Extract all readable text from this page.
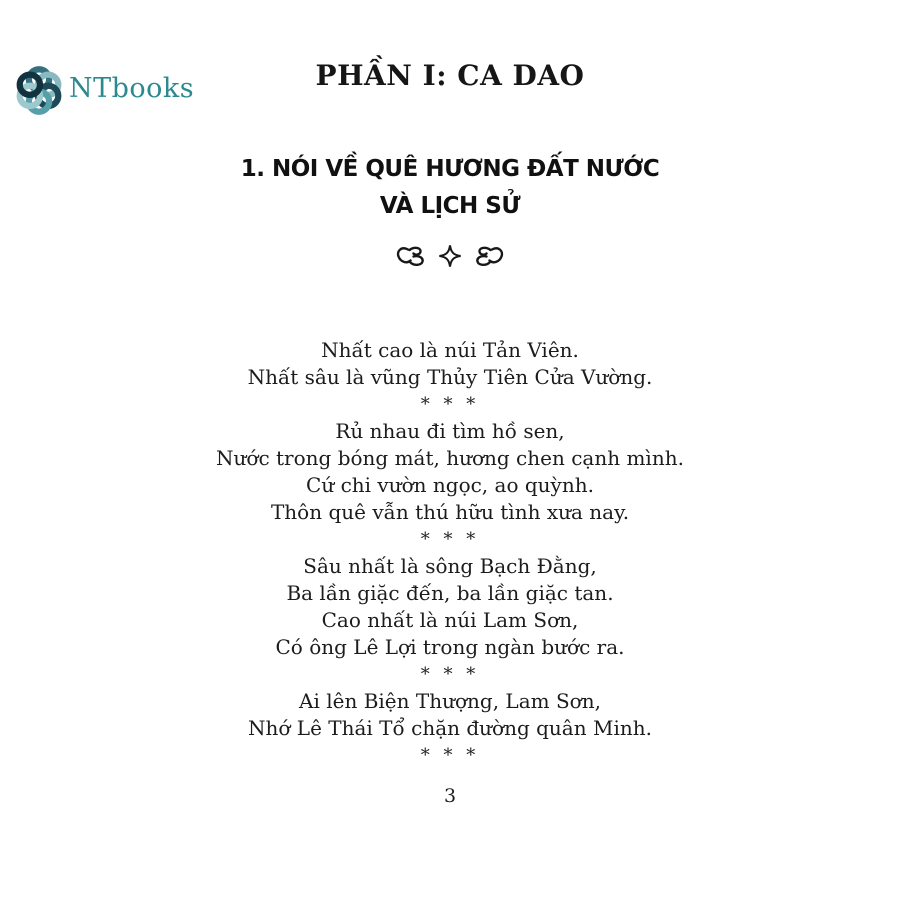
NTbooks	PHẦN I: CA DAO
1. NÓI VỀ QUÊ HƯƠNG ĐẤT NƯỚC
VÀ LỊCH SỬ

Nhất cao là núi Tản Viên.

Nhất sâu là vũng Thủy Tiên Cửa Vường.

* * *

Rủ nhau đi tìm hồ sen,

Nước trong bóng mát, hương chen cạnh mình.

Cứ chi vườn ngọc, ao quỳnh.

Thôn quê vẫn thú hữu tình xưa nay.

* * *

Sâu nhất là sông Bạch Đằng,

Ba lần giặc đến, ba lần giặc tan.

Cao nhất là núi Lam Sơn,

Có ông Lê Lợi trong ngàn bước ra.

* * *

Ai lên Biện Thượng, Lam Sơn,

Nhớ Lê Thái Tổ chặn đường quân Minh.

* * *

3
